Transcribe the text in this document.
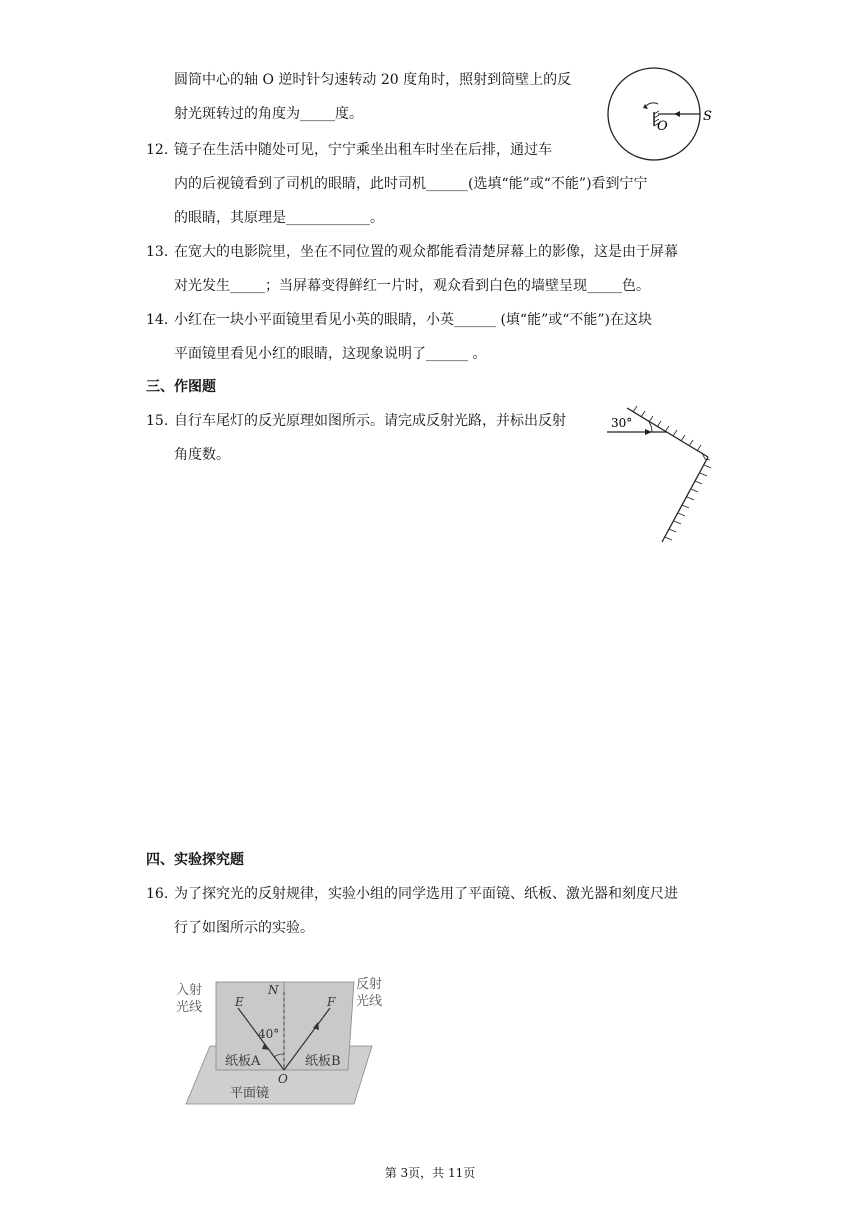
圆筒中心的轴 O 逆时针匀速转动 20 度角时，照射到筒壁上的反
射光斑转过的角度为_____度。
O
S
12. 镜子在生活中随处可见，宁宁乘坐出租车时坐在后排，通过车
内的后视镜看到了司机的眼睛，此时司机______(选填“能”或“不能”)看到宁宁
的眼睛，其原理是____________。
13. 在宽大的电影院里，坐在不同位置的观众都能看清楚屏幕上的影像，这是由于屏幕
对光发生_____；当屏幕变得鲜红一片时，观众看到白色的墙壁呈现_____色。
14. 小红在一块小平面镜里看见小英的眼睛，小英______ (填“能”或“不能”)在这块
平面镜里看见小红的眼睛，这现象说明了______ 。
三、作图题
15. 自行车尾灯的反光原理如图所示。请完成反射光路，并标出反射
角度数。
30°
四、实验探究题
16. 为了探究光的反射规律，实验小组的同学选用了平面镜、纸板、激光器和刻度尺进
行了如图所示的实验。
入射
光线
反射
光线
E
N
F
40°
纸板A	纸板B
O
平面镜
第 3页，共 11页
